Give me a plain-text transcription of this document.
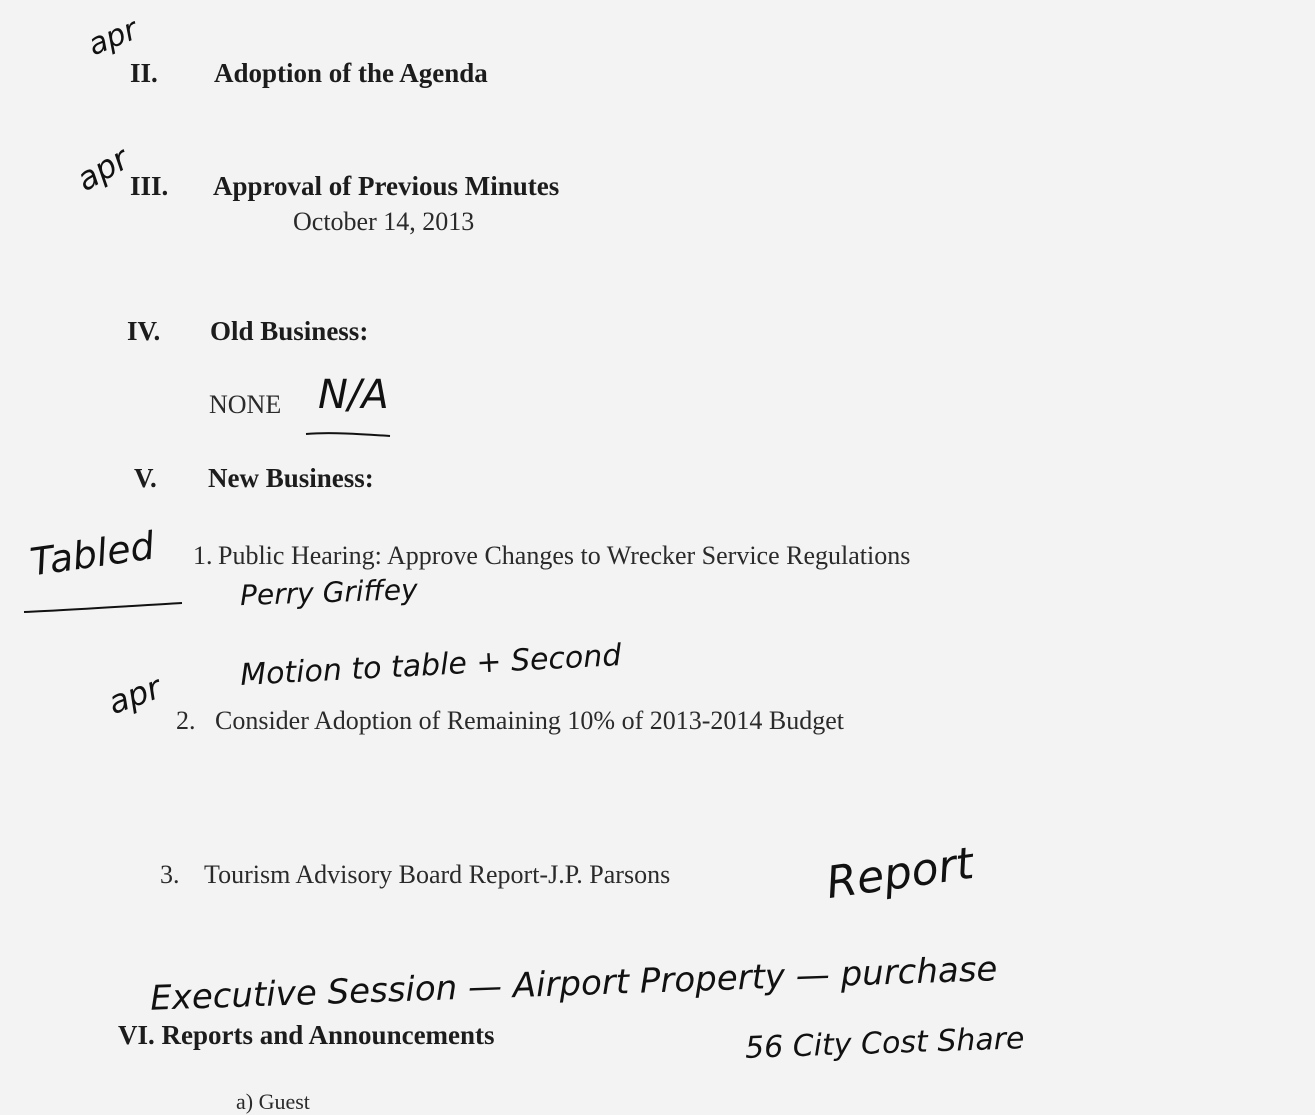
II. Adoption of the Agenda
III. Approval of Previous Minutes
October 14, 2013
IV. Old Business:
NONE
V. New Business:
1. Public Hearing: Approve Changes to Wrecker Service Regulations
2. Consider Adoption of Remaining 10% of 2013-2014 Budget
3. Tourism Advisory Board Report-J.P. Parsons
VI. Reports and Announcements
a) Guest
apr
apr
N/A
Tabled
Perry Griffey
Motion to table + Second
apr
Report
Executive Session — Airport Property — purchase
56 City Cost Share
